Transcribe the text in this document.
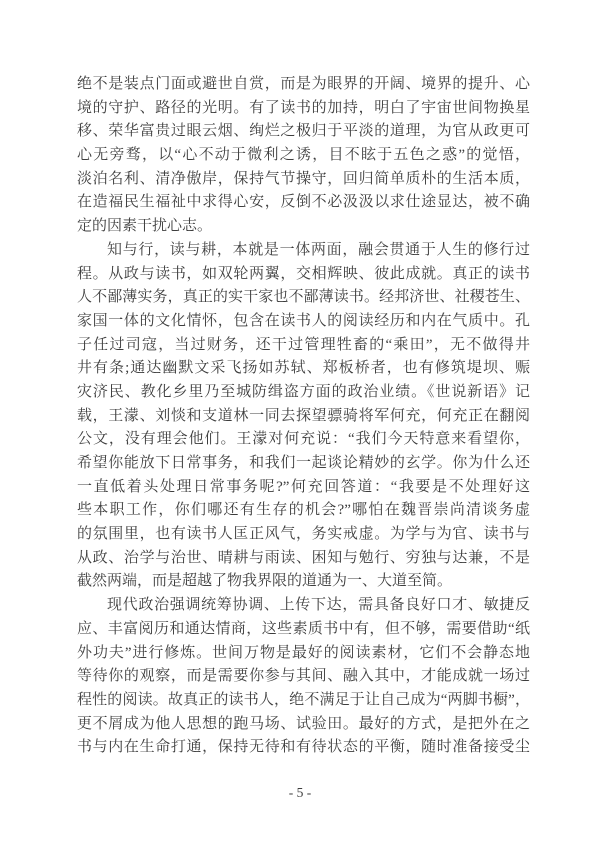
绝不是装点门面或避世自赏，而是为眼界的开阔、境界的提升、心
境的守护、路径的光明。有了读书的加持，明白了宇宙世间物换星
移、荣华富贵过眼云烟、绚烂之极归于平淡的道理，为官从政更可
心无旁骛，以“心不动于微利之诱，目不眩于五色之惑”的觉悟，
淡泊名利、清净傲岸，保持气节操守，回归简单质朴的生活本质，
在造福民生福祉中求得心安，反倒不必汲汲以求仕途显达，被不确
定的因素干扰心志。
知与行，读与耕，本就是一体两面，融会贯通于人生的修行过
程。从政与读书，如双轮两翼，交相辉映、彼此成就。真正的读书
人不鄙薄实务，真正的实干家也不鄙薄读书。经邦济世、社稷苍生、
家国一体的文化情怀，包含在读书人的阅读经历和内在气质中。孔
子任过司寇，当过财务，还干过管理牲畜的“乘田”，无不做得井
井有条;通达幽默文采飞扬如苏轼、郑板桥者，也有修筑堤坝、赈
灾济民、教化乡里乃至城防缉盗方面的政治业绩。《世说新语》记
载，王濛、刘惔和支道林一同去探望骠骑将军何充，何充正在翻阅
公文，没有理会他们。王濛对何充说：“我们今天特意来看望你，
希望你能放下日常事务，和我们一起谈论精妙的玄学。你为什么还
一直低着头处理日常事务呢?”何充回答道：“我要是不处理好这
些本职工作，你们哪还有生存的机会?”哪怕在魏晋崇尚清谈务虚
的氛围里，也有读书人匡正风气，务实戒虚。为学与为官、读书与
从政、治学与治世、晴耕与雨读、困知与勉行、穷独与达兼，不是
截然两端，而是超越了物我界限的道通为一、大道至简。
现代政治强调统筹协调、上传下达，需具备良好口才、敏捷反
应、丰富阅历和通达情商，这些素质书中有，但不够，需要借助“纸
外功夫”进行修炼。世间万物是最好的阅读素材，它们不会静态地
等待你的观察，而是需要你参与其间、融入其中，才能成就一场过
程性的阅读。故真正的读书人，绝不满足于让自己成为“两脚书橱”，
更不屑成为他人思想的跑马场、试验田。最好的方式，是把外在之
书与内在生命打通，保持无待和有待状态的平衡，随时准备接受尘
- 5 -
